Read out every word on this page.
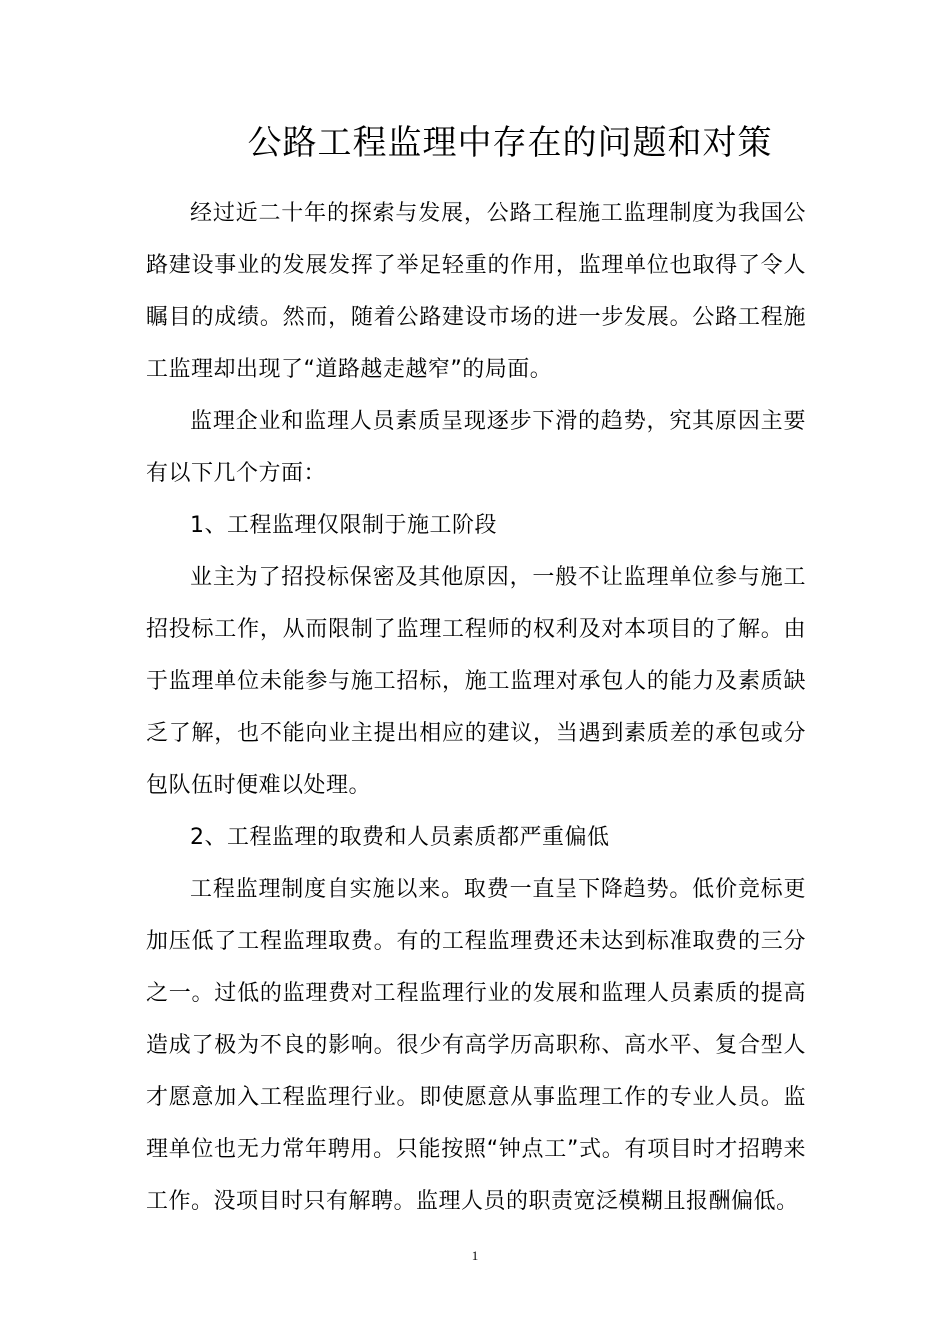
公路工程监理中存在的问题和对策

经过近二十年的探索与发展，公路工程施工监理制度为我国公路建设事业的发展发挥了举足轻重的作用，监理单位也取得了令人瞩目的成绩。然而，随着公路建设市场的进一步发展。公路工程施工监理却出现了“道路越走越窄”的局面。

监理企业和监理人员素质呈现逐步下滑的趋势，究其原因主要有以下几个方面：

1、工程监理仅限制于施工阶段

业主为了招投标保密及其他原因，一般不让监理单位参与施工招投标工作，从而限制了监理工程师的权利及对本项目的了解。由于监理单位未能参与施工招标，施工监理对承包人的能力及素质缺乏了解，也不能向业主提出相应的建议，当遇到素质差的承包或分包队伍时便难以处理。

2、工程监理的取费和人员素质都严重偏低

工程监理制度自实施以来。取费一直呈下降趋势。低价竞标更加压低了工程监理取费。有的工程监理费还未达到标准取费的三分之一。过低的监理费对工程监理行业的发展和监理人员素质的提高造成了极为不良的影响。很少有高学历高职称、高水平、复合型人才愿意加入工程监理行业。即使愿意从事监理工作的专业人员。监理单位也无力常年聘用。只能按照“钟点工”式。有项目时才招聘来工作。没项目时只有解聘。监理人员的职责宽泛模糊且报酬偏低。

1
